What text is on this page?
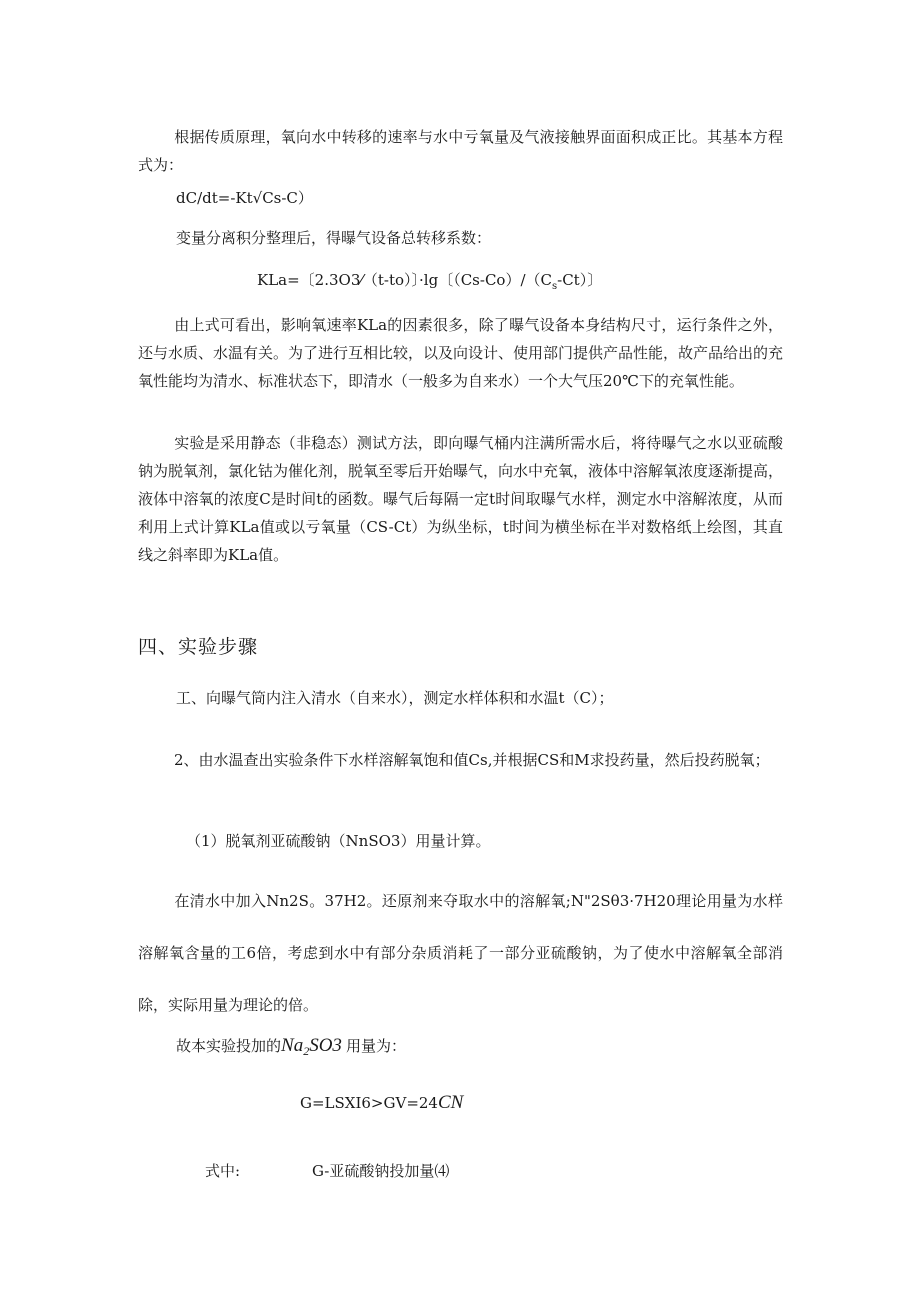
根据传质原理，氧向水中转移的速率与水中亏氧量及气液接触界面面积成正比。其基本方程式为：
dC/dt=-Kt√Cs-C）
变量分离积分整理后，得曝气设备总转移系数：
KLa=〔2.3O3⁄（t-to）〕·lg〔$(Cs-Co)/(C_s-Ct)$〕
由上式可看出，影响氧速率KLa的因素很多，除了曝气设备本身结构尺寸，运行条件之外，还与水质、水温有关。为了进行互相比较，以及向设计、使用部门提供产品性能，故产品给出的充氧性能均为清水、标准状态下，即清水（一般多为自来水）一个大气压20℃下的充氧性能。
实验是采用静态（非稳态）测试方法，即向曝气桶内注满所需水后，将待曝气之水以亚硫酸钠为脱氧剂，氯化钴为催化剂，脱氧至零后开始曝气，向水中充氧，液体中溶解氧浓度逐渐提高，液体中溶氧的浓度C是时间t的函数。曝气后每隔一定t时间取曝气水样，测定水中溶解浓度，从而利用上式计算KLa值或以亏氧量（CS-Ct）为纵坐标，t时间为横坐标在半对数格纸上绘图，其直线之斜率即为KLa值。
四、实验步骤
工、向曝气筒内注入清水（自来水），测定水样体积和水温t（C）；
2、由水温查出实验条件下水样溶解氧饱和值Cs,并根据CS和M求投药量，然后投药脱氧；
（1）脱氧剂亚硫酸钠（NnSO3）用量计算。
在清水中加入Nn2S。37H2。还原剂来夺取水中的溶解氧;N"2Sθ3·7H20理论用量为水样溶解氧含量的工6倍，考虑到水中有部分杂质消耗了一部分亚硫酸钠，为了使水中溶解氧全部消除，实际用量为理论的倍。
故本实验投加的$Na_2SO3$ 用量为：
G=LSXI6>GV=24CN
式中:	G-亚硫酸钠投加量⑷
